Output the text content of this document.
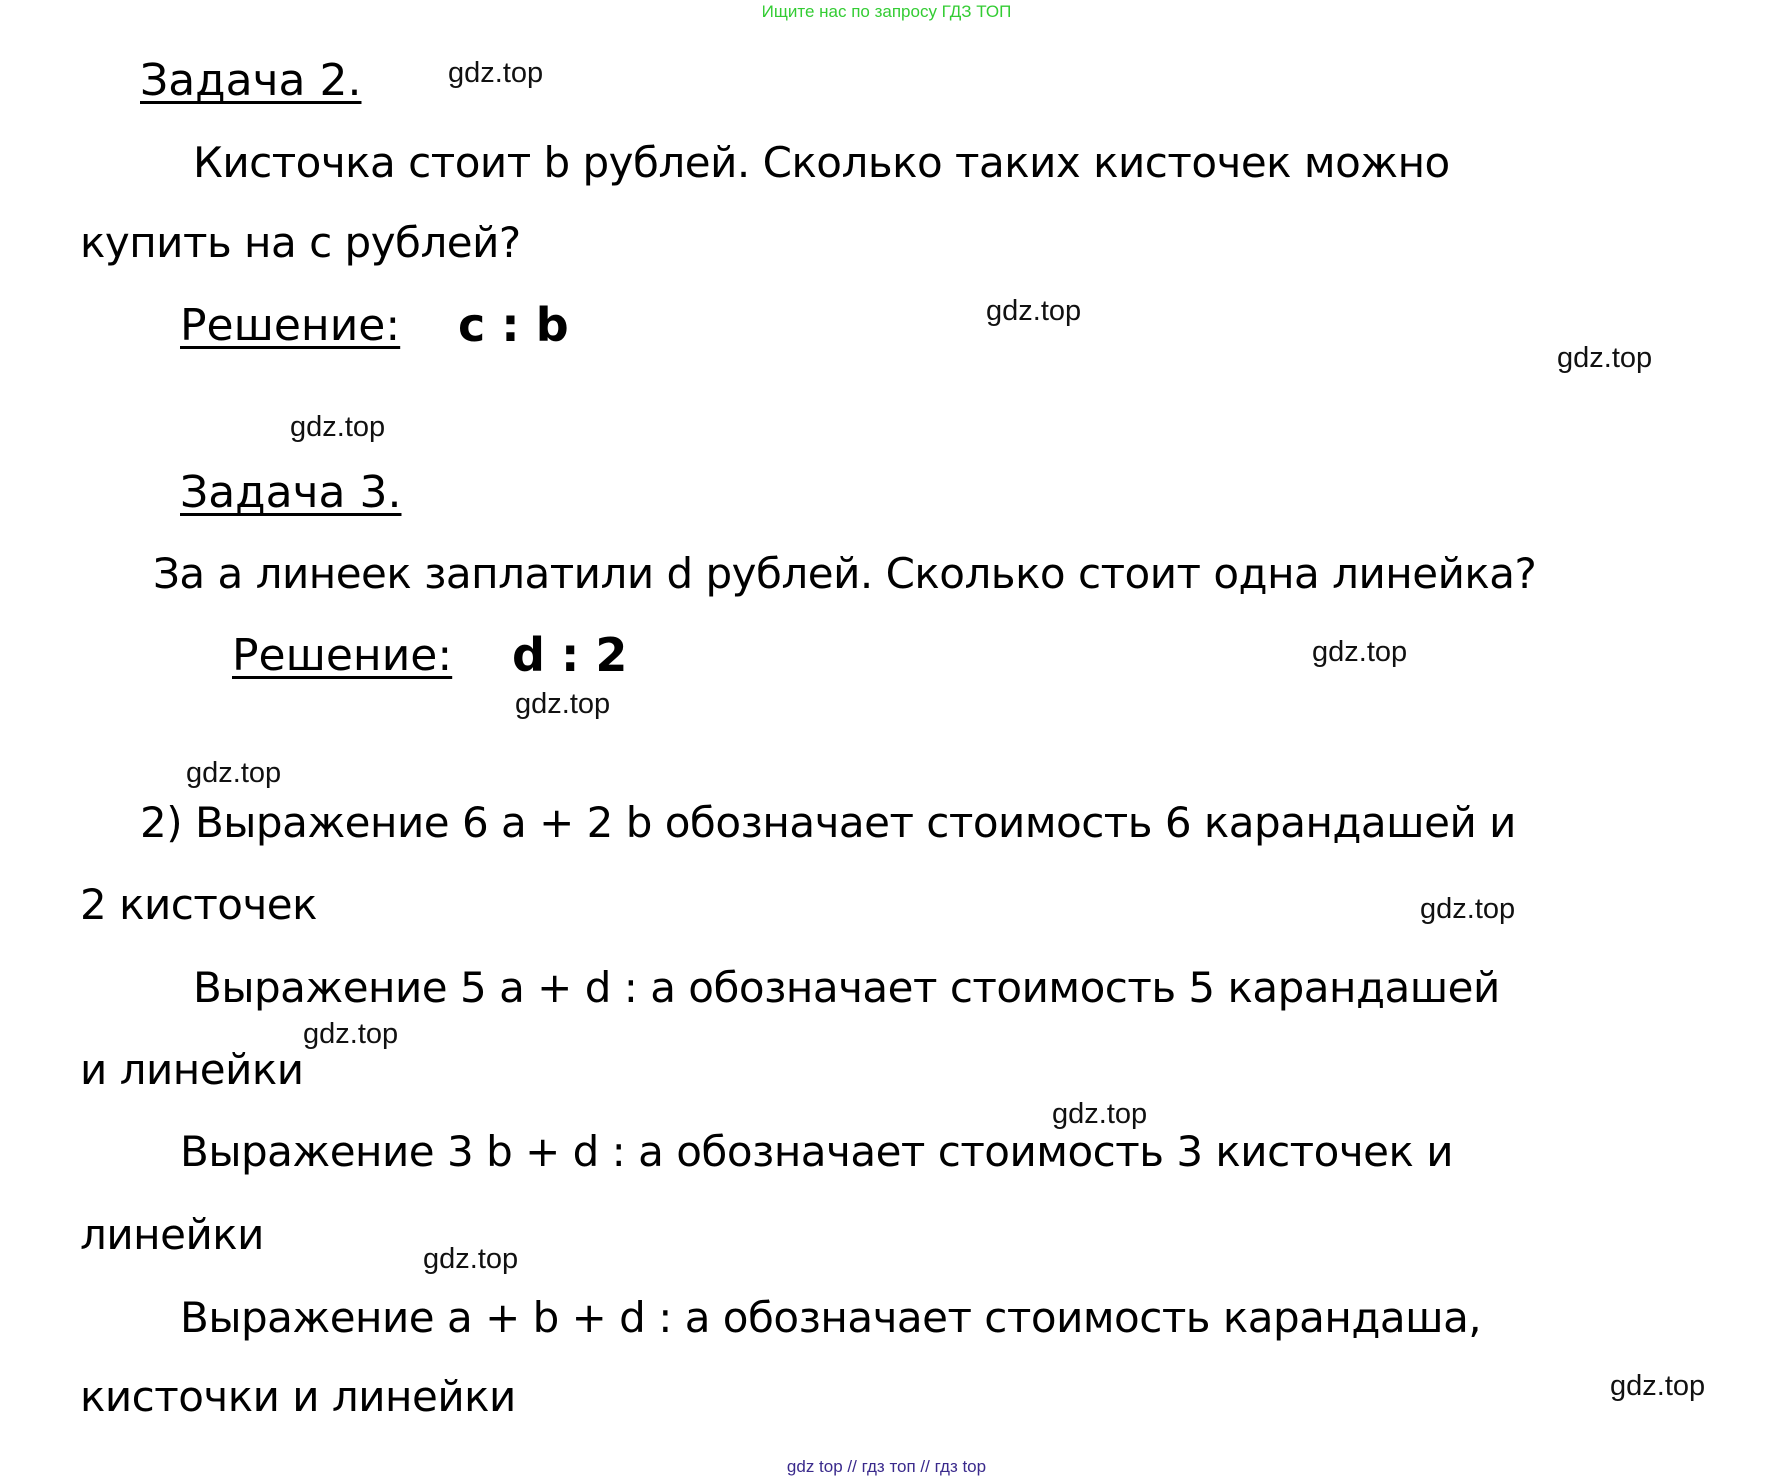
Ищите нас по запросу ГДЗ ТОП
Задача 2.	gdz.top
Кисточка стоит b рублей. Сколько таких кисточек можно
купить на с рублей?
Решение: c : b	gdz.top
gdz.top
gdz.top
Задача 3.
За а линеек заплатили d рублей. Сколько стоит одна линейка?
Решение: d : 2	gdz.top
gdz.top
gdz.top
2) Выражение 6 a + 2 b обозначает стоимость 6 карандашей и
2 кисточек	gdz.top
Выражение 5 a + d : a обозначает стоимость 5 карандашей
gdz.top
и линейки
gdz.top
Выражение 3 b + d : a обозначает стоимость 3 кисточек и
линейки	gdz.top
Выражение a + b + d : a обозначает стоимость карандаша,
gdz.top
кисточки и линейки
gdz top // гдз топ // гдз top
